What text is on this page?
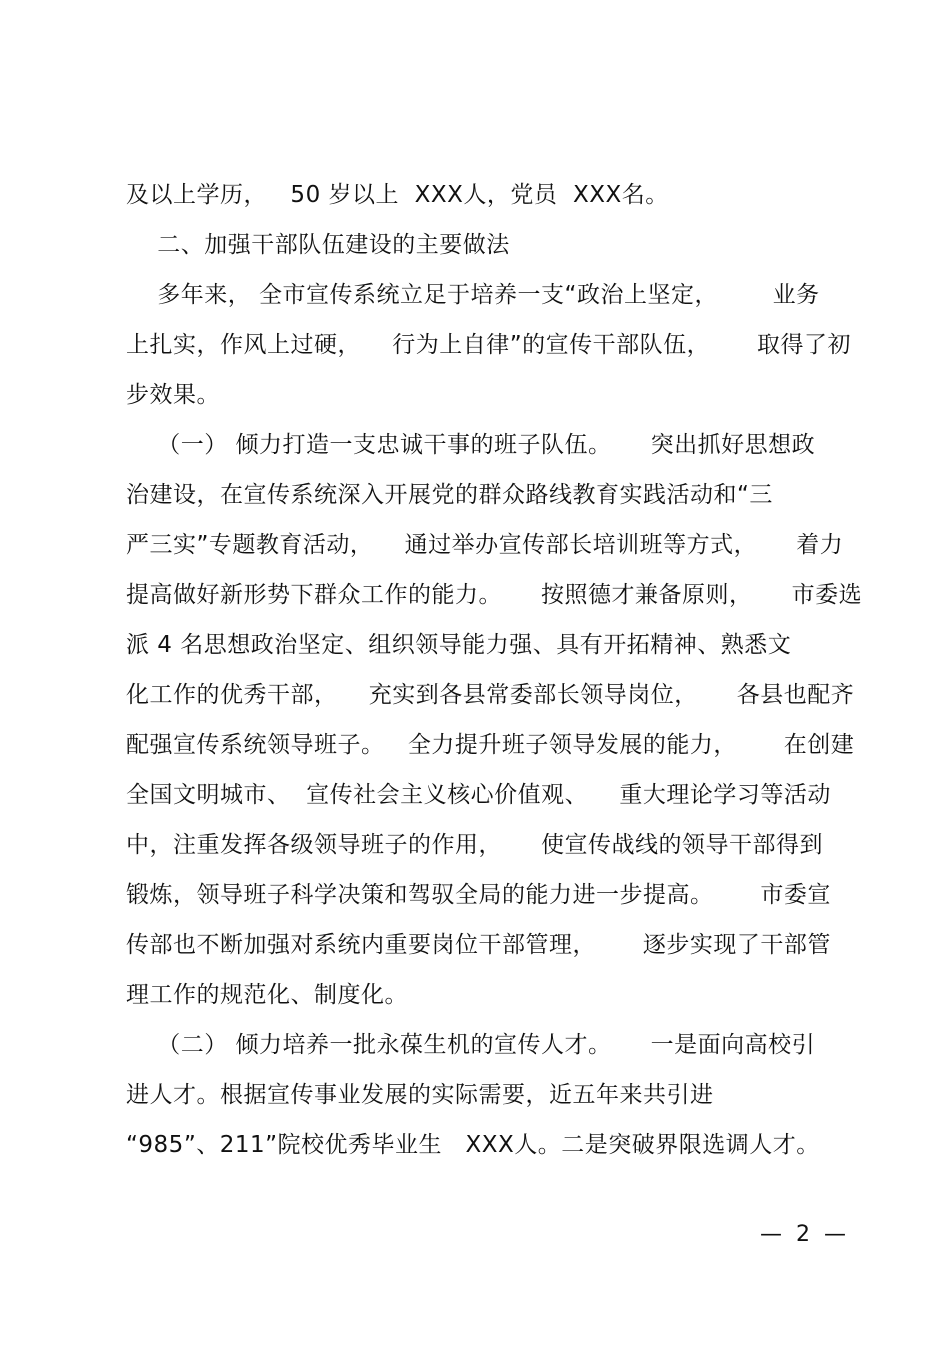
及以上学历，   50 岁以上  XXX人，党员  XXX名。
二、加强干部队伍建设的主要做法
多年来， 全市宣传系统立足于培养一支“政治上坚定，       业务
上扎实，作风上过硬，    行为上自律”的宣传干部队伍，      取得了初
步效果。
（一） 倾力打造一支忠诚干事的班子队伍。     突出抓好思想政
治建设，在宣传系统深入开展党的群众路线教育实践活动和“三
严三实”专题教育活动，    通过举办宣传部长培训班等方式，     着力
提高做好新形势下群众工作的能力。     按照德才兼备原则，     市委选
派 4 名思想政治坚定、组织领导能力强、具有开拓精神、熟悉文
化工作的优秀干部，    充实到各县常委部长领导岗位，     各县也配齐
配强宣传系统领导班子。   全力提升班子领导发展的能力，      在创建
全国文明城市、  宣传社会主义核心价值观、    重大理论学习等活动
中，注重发挥各级领导班子的作用，     使宣传战线的领导干部得到
锻炼，领导班子科学决策和驾驭全局的能力进一步提高。      市委宣
传部也不断加强对系统内重要岗位干部管理，      逐步实现了干部管
理工作的规范化、制度化。
（二） 倾力培养一批永葆生机的宣传人才。     一是面向高校引
进人才。根据宣传事业发展的实际需要，近五年来共引进
“985”、211”院校优秀毕业生   XXX人。二是突破界限选调人才。
—  2  —
